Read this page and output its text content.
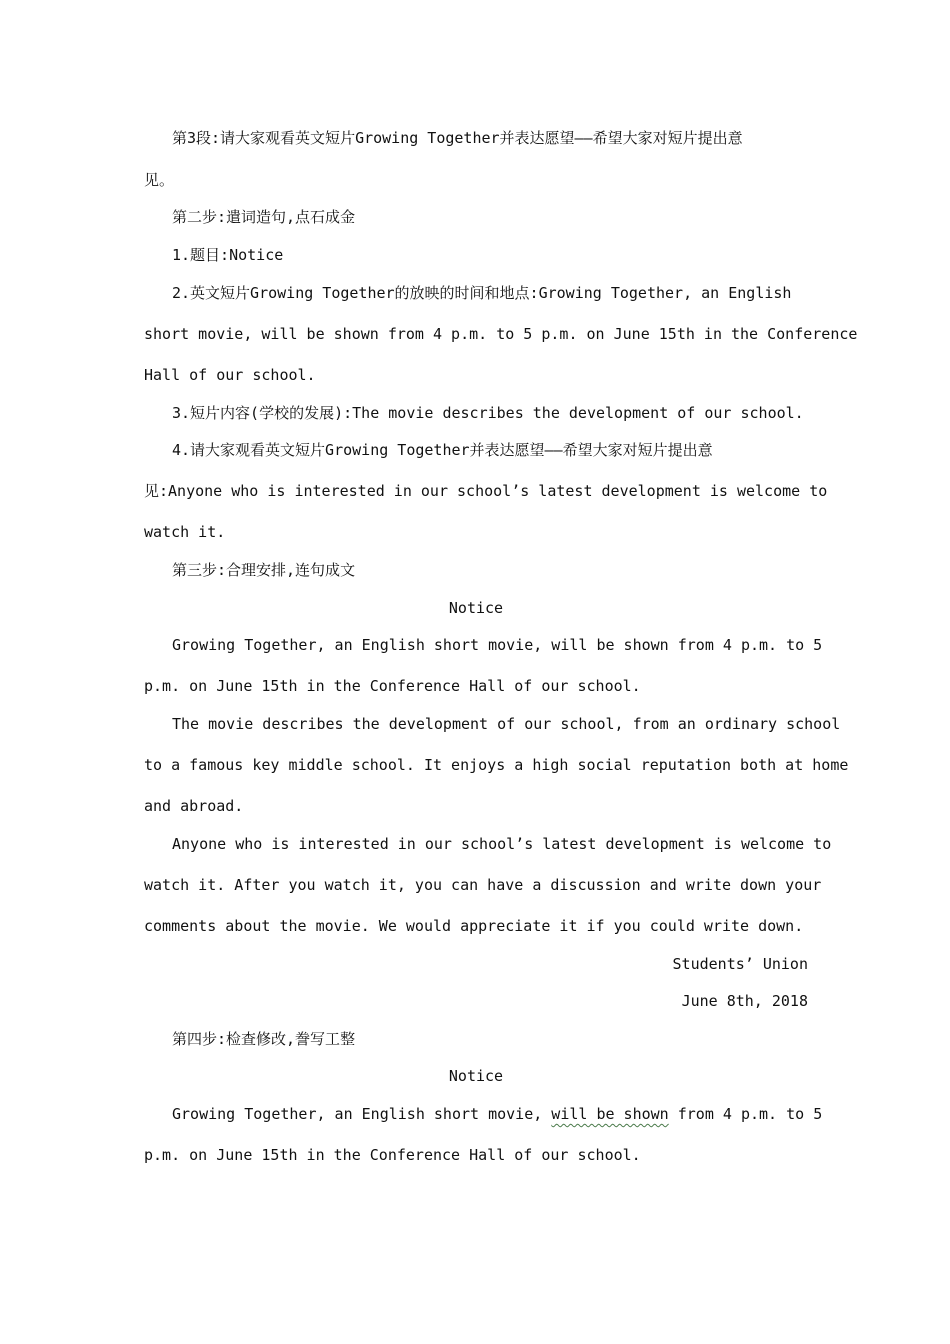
第3段:请大家观看英文短片Growing Together并表达愿望——希望大家对短片提出意
见。
第二步:遣词造句,点石成金
1.题目:Notice
2.英文短片Growing Together的放映的时间和地点:Growing Together, an English
short movie, will be shown from 4 p.m. to 5 p.m. on June 15th in the Conference
Hall of our school.
3.短片内容(学校的发展):The movie describes the development of our school.
4.请大家观看英文短片Growing Together并表达愿望——希望大家对短片提出意
见:Anyone who is interested in our school’s latest development is welcome to
watch it.
第三步:合理安排,连句成文
Notice
Growing Together, an English short movie, will be shown from 4 p.m. to 5
p.m. on June 15th in the Conference Hall of our school.
The movie describes the development of our school, from an ordinary school
to a famous key middle school. It enjoys a high social reputation both at home
and abroad.
Anyone who is interested in our school’s latest development is welcome to
watch it. After you watch it, you can have a discussion and write down your
comments about the movie. We would appreciate it if you could write down.
Students’ Union
June 8th, 2018
第四步:检查修改,誊写工整
Notice
Growing Together, an English short movie, will be shown from 4 p.m. to 5
p.m. on June 15th in the Conference Hall of our school.
